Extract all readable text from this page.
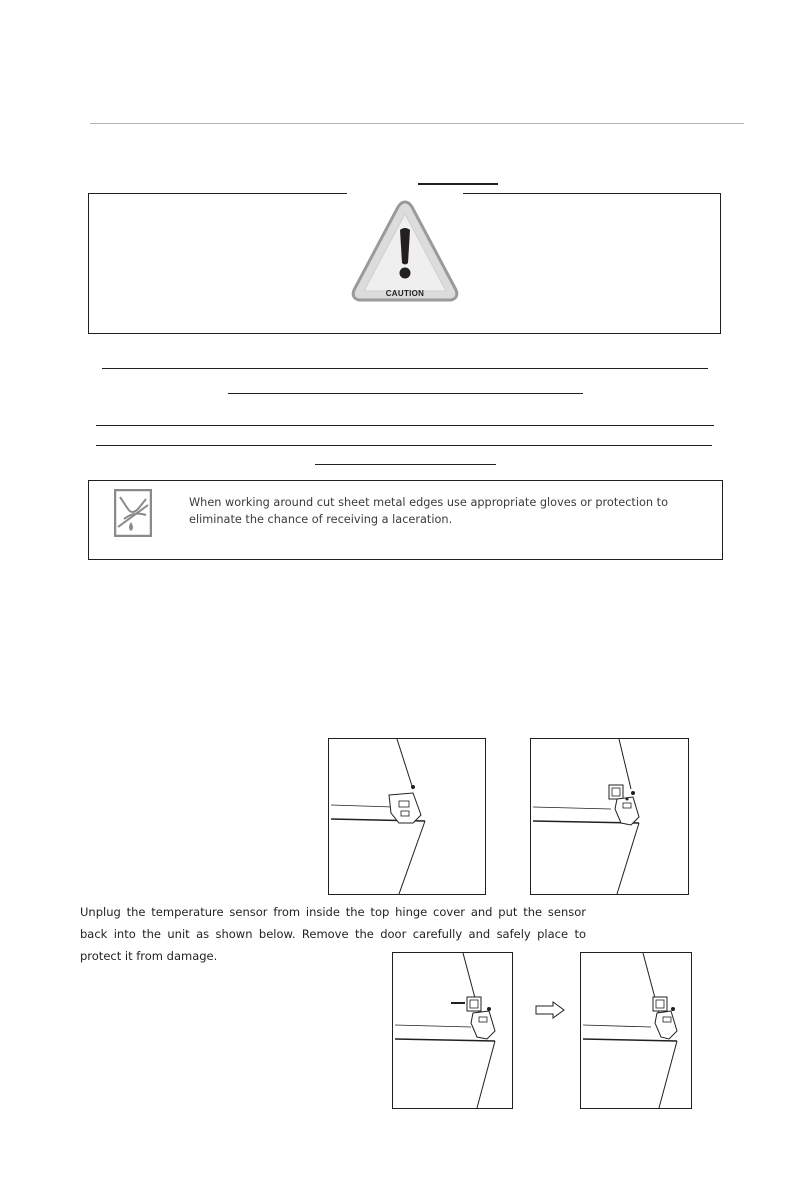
CAUTION
When working around cut sheet metal edges use appropriate gloves or protection to eliminate the chance of receiving a laceration.
Unplug the temperature sensor from inside the top hinge cover and put the sensor back into the unit as shown below. Remove the door carefully and safely place to protect it from damage.
